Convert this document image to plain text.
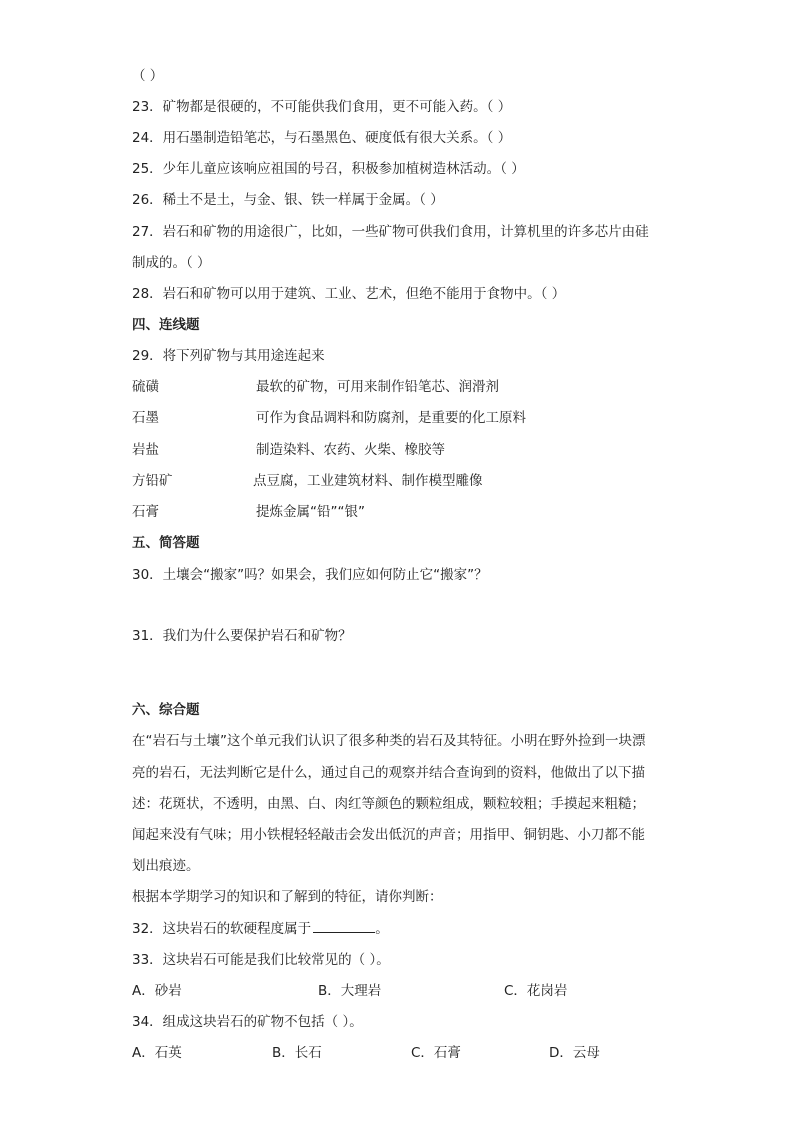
（ ）
23．矿物都是很硬的，不可能供我们食用，更不可能入药。（ ）
24．用石墨制造铅笔芯，与石墨黑色、硬度低有很大关系。（ ）
25．少年儿童应该响应祖国的号召，积极参加植树造林活动。（ ）
26．稀土不是土，与金、银、铁一样属于金属。（ ）
27．岩石和矿物的用途很广，比如，一些矿物可供我们食用，计算机里的许多芯片由硅
制成的。（ ）
28．岩石和矿物可以用于建筑、工业、艺术，但绝不能用于食物中。（ ）
四、连线题
29．将下列矿物与其用途连起来
硫磺	最软的矿物，可用来制作铅笔芯、润滑剂
石墨	可作为食品调料和防腐剂，是重要的化工原料
岩盐	制造染料、农药、火柴、橡胶等
方铅矿	点豆腐，工业建筑材料、制作模型雕像
石膏	提炼金属“铅”“银”
五、简答题
30．土壤会“搬家”吗？如果会，我们应如何防止它“搬家”？
31．我们为什么要保护岩石和矿物？
六、综合题
在“岩石与土壤”这个单元我们认识了很多种类的岩石及其特征。小明在野外捡到一块漂
亮的岩石，无法判断它是什么，通过自己的观察并结合查询到的资料，他做出了以下描
述：花斑状，不透明，由黑、白、肉红等颜色的颗粒组成，颗粒较粗；手摸起来粗糙；
闻起来没有气味；用小铁棍轻轻敲击会发出低沉的声音；用指甲、铜钥匙、小刀都不能
划出痕迹。
根据本学期学习的知识和了解到的特征，请你判断：
32．这块岩石的软硬程度属于	。
33．这块岩石可能是我们比较常见的（ ）。
A．砂岩	B．大理岩	C．花岗岩
34．组成这块岩石的矿物不包括（ ）。
A．石英	B．长石	C．石膏	D．云母
